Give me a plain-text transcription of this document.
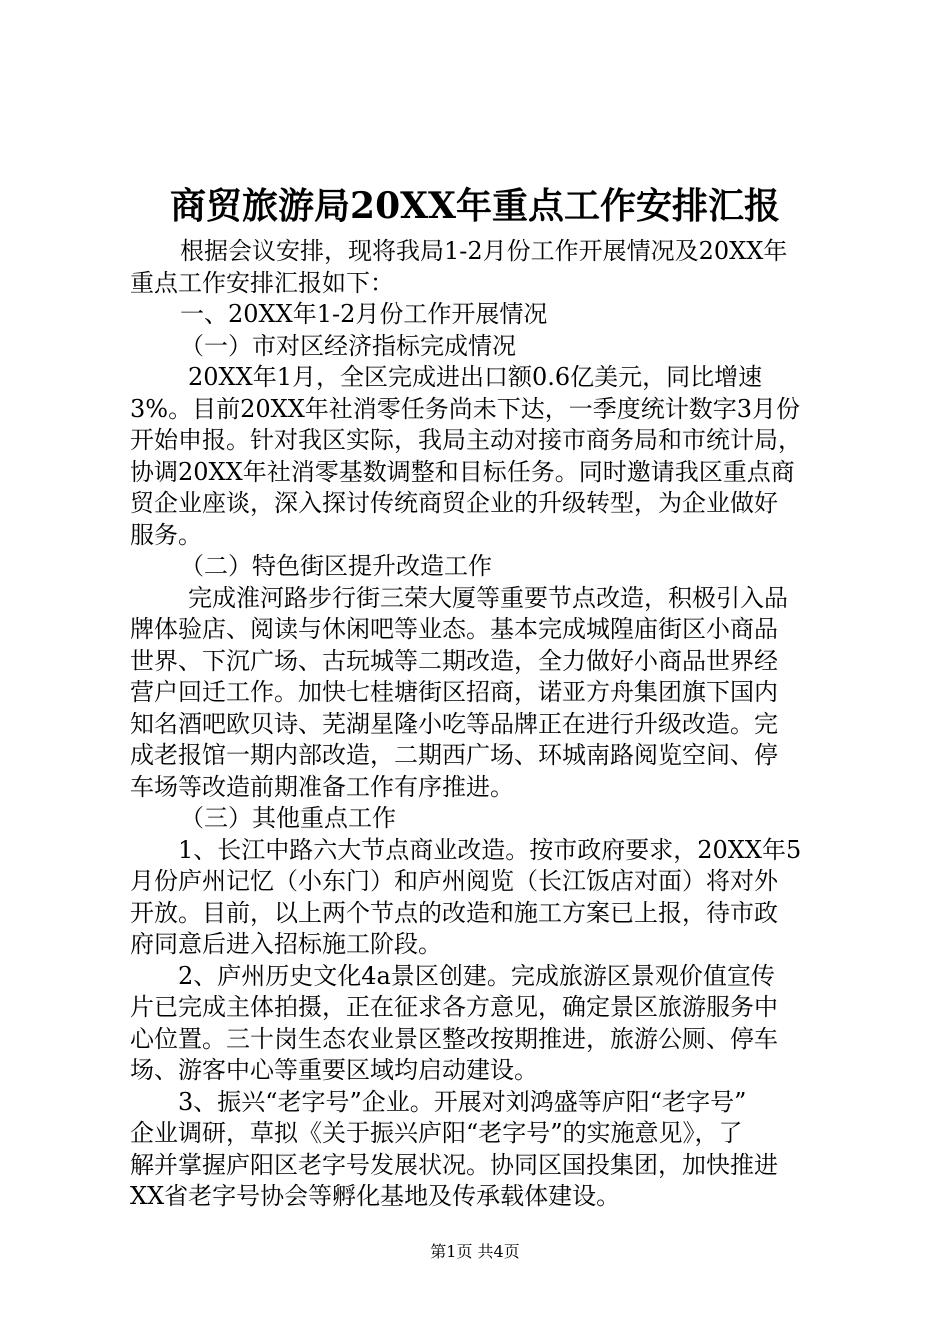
商贸旅游局20XX年重点工作安排汇报
根据会议安排，现将我局1-2月份工作开展情况及20XX年
重点工作安排汇报如下：
一、20XX年1-2月份工作开展情况
（一）市对区经济指标完成情况
20XX年1月，全区完成进出口额0.6亿美元，同比增速
3%。目前20XX年社消零任务尚未下达，一季度统计数字3月份
开始申报。针对我区实际，我局主动对接市商务局和市统计局，
协调20XX年社消零基数调整和目标任务。同时邀请我区重点商
贸企业座谈，深入探讨传统商贸企业的升级转型，为企业做好
服务。
（二）特色街区提升改造工作
完成淮河路步行街三荣大厦等重要节点改造，积极引入品
牌体验店、阅读与休闲吧等业态。基本完成城隍庙街区小商品
世界、下沉广场、古玩城等二期改造，全力做好小商品世界经
营户回迁工作。加快七桂塘街区招商，诺亚方舟集团旗下国内
知名酒吧欧贝诗、芜湖星隆小吃等品牌正在进行升级改造。完
成老报馆一期内部改造，二期西广场、环城南路阅览空间、停
车场等改造前期准备工作有序推进。
（三）其他重点工作
1、长江中路六大节点商业改造。按市政府要求，20XX年5
月份庐州记忆（小东门）和庐州阅览（长江饭店对面）将对外
开放。目前，以上两个节点的改造和施工方案已上报，待市政
府同意后进入招标施工阶段。
2、庐州历史文化4a景区创建。完成旅游区景观价值宣传
片已完成主体拍摄，正在征求各方意见，确定景区旅游服务中
心位置。三十岗生态农业景区整改按期推进，旅游公厕、停车
场、游客中心等重要区域均启动建设。
3、振兴“老字号”企业。开展对刘鸿盛等庐阳“老字号”
企业调研，草拟《关于振兴庐阳“老字号”的实施意见》，了
解并掌握庐阳区老字号发展状况。协同区国投集团，加快推进
XX省老字号协会等孵化基地及传承载体建设。
第1页 共4页
